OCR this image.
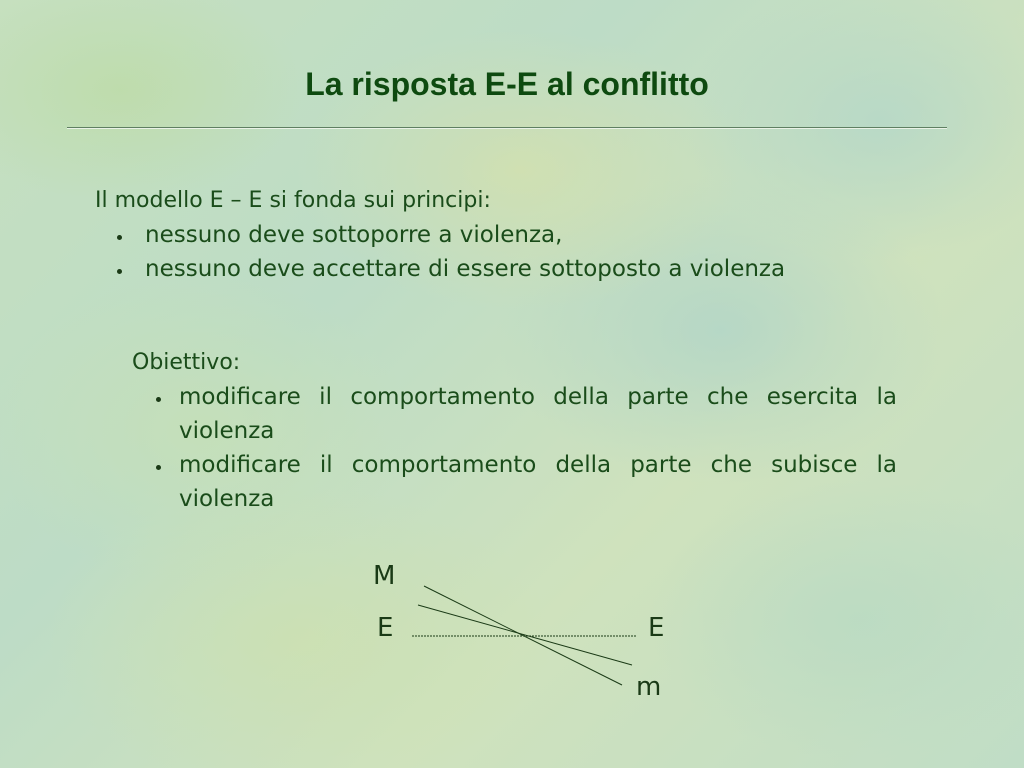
La risposta E-E al conflitto
Il modello E – E si fonda sui principi:
nessuno deve sottoporre a violenza,
nessuno deve accettare di essere sottoposto a violenza
Obiettivo:
modificare il comportamento della parte che esercita la violenza
modificare il comportamento della parte che subisce la violenza
M
E	E
m
